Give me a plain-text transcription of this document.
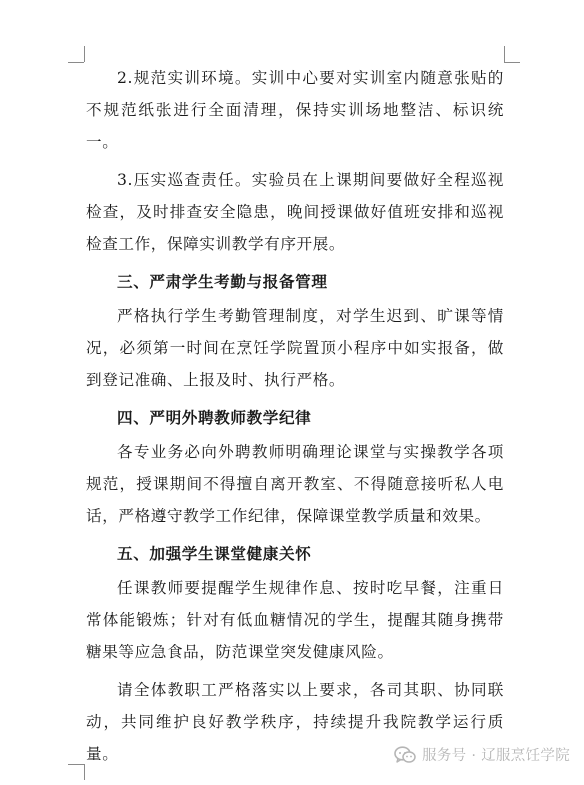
2.规范实训环境。实训中心要对实训室内随意张贴的不规范纸张进行全面清理，保持实训场地整洁、标识统一。

3.压实巡查责任。实验员在上课期间要做好全程巡视检查，及时排查安全隐患，晚间授课做好值班安排和巡视检查工作，保障实训教学有序开展。

三、严肃学生考勤与报备管理

严格执行学生考勤管理制度，对学生迟到、旷课等情况，必须第一时间在烹饪学院置顶小程序中如实报备，做到登记准确、上报及时、执行严格。

四、严明外聘教师教学纪律

各专业务必向外聘教师明确理论课堂与实操教学各项规范，授课期间不得擅自离开教室、不得随意接听私人电话，严格遵守教学工作纪律，保障课堂教学质量和效果。

五、加强学生课堂健康关怀

任课教师要提醒学生规律作息、按时吃早餐，注重日常体能锻炼；针对有低血糖情况的学生，提醒其随身携带糖果等应急食品，防范课堂突发健康风险。

请全体教职工严格落实以上要求，各司其职、协同联动，共同维护良好教学秩序，持续提升我院教学运行质量。	服务号 · 辽服烹饪学院
